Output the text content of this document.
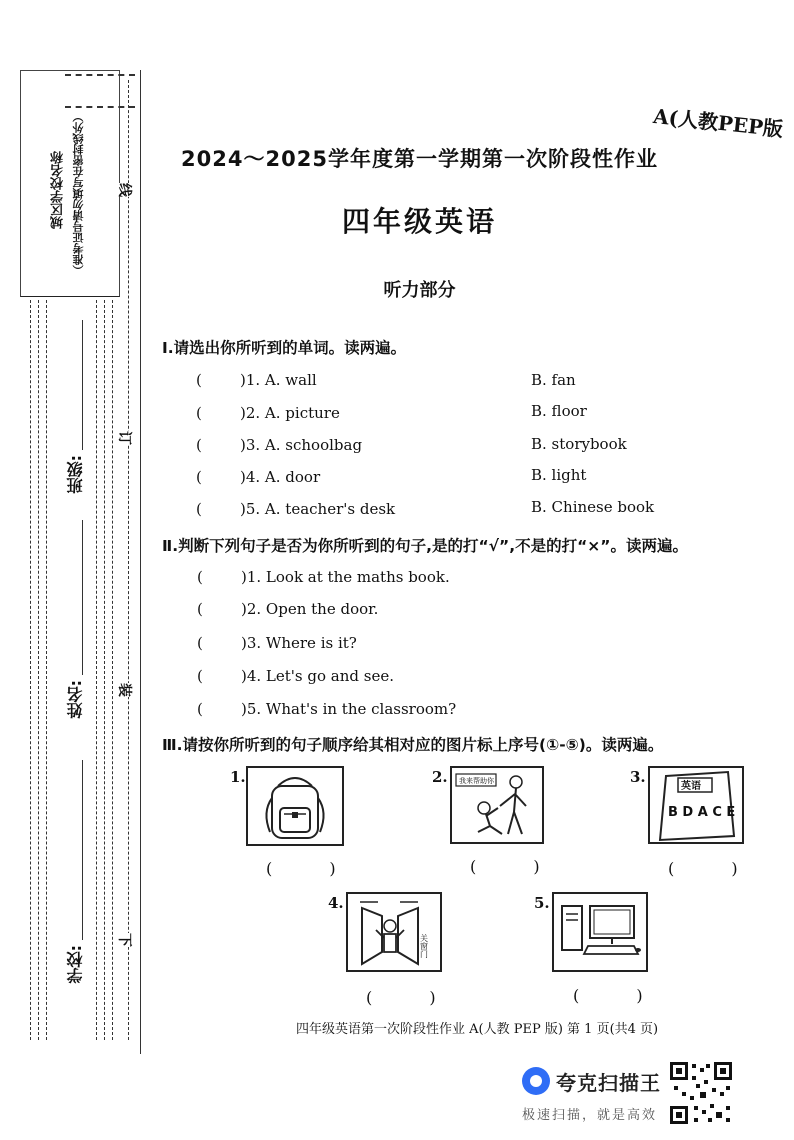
城区学校名称 （准考证号请勿填写在密封线外）
班级:
姓名:
学校:
线
订
装
下
A(人教PEP版
2024～2025学年度第一学期第一次阶段性作业
四年级英语
听力部分
Ⅰ.请选出你所听到的单词。读两遍。
(	)1. A. wall	B. fan
(	)2. A. picture	B. floor
(	)3. A. schoolbag	B. storybook
(	)4. A. door	B. light
(	)5. A. teacher's desk	B. Chinese book
Ⅱ.判断下列句子是否为你所听到的句子,是的打“√”,不是的打“×”。读两遍。
(	)1. Look at the maths book.
(	)2. Open the door.
(	)3. Where is it?
(	)4. Let's go and see.
(	)5. What's in the classroom?
Ⅲ.请按你所听到的句子顺序给其相对应的图片标上序号(①-⑤)。读两遍。
1.
( )
2. 我来帮助你
( )
3.
英语
B D A C E
( )
4.
关窗门
( )
5.
( )
四年级英语第一次阶段性作业 A(人教 PEP 版) 第 1 页(共4 页)
夸克扫描王
极速扫描，就是高效
